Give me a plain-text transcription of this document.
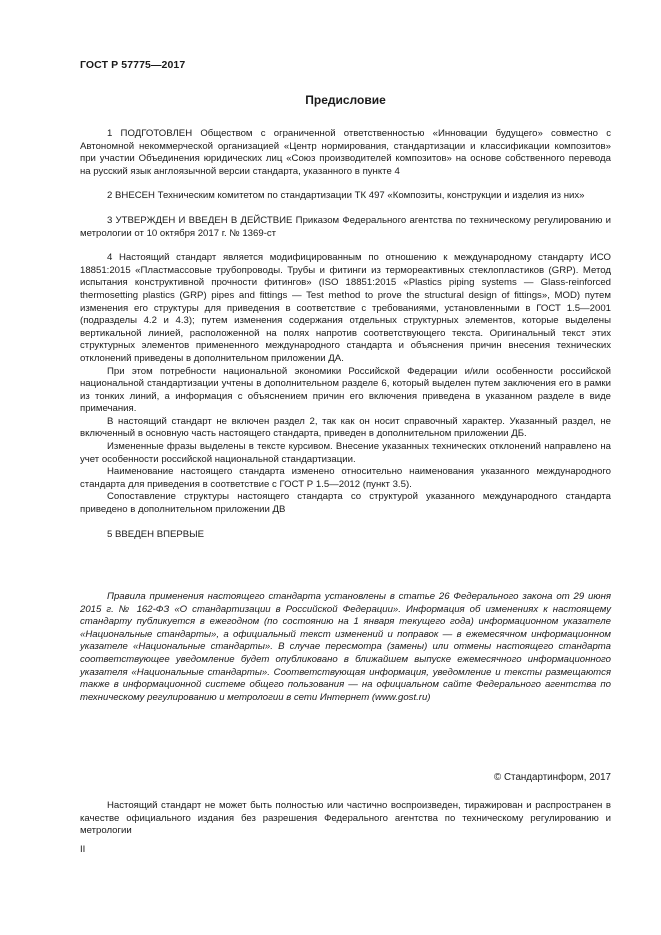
ГОСТ Р 57775—2017
Предисловие

1 ПОДГОТОВЛЕН Обществом с ограниченной ответственностью «Инновации будущего» совместно с Автономной некоммерческой организацией «Центр нормирования, стандартизации и классификации композитов» при участии Объединения юридических лиц «Союз производителей композитов» на основе собственного перевода на русский язык англоязычной версии стандарта, указанного в пункте 4

2 ВНЕСЕН Техническим комитетом по стандартизации ТК 497 «Композиты, конструкции и изделия из них»

3 УТВЕРЖДЕН И ВВЕДЕН В ДЕЙСТВИЕ Приказом Федерального агентства по техническому регулированию и метрологии от 10 октября 2017 г. № 1369-ст

4 Настоящий стандарт является модифицированным по отношению к международному стандарту ИСО 18851:2015 «Пластмассовые трубопроводы. Трубы и фитинги из термореактивных стеклопластиков (GRP). Метод испытания конструктивной прочности фитингов» (ISO 18851:2015 «Plastics piping systems — Glass-reinforced thermosetting plastics (GRP) pipes and fittings — Test method to prove the structural design of fittings», MOD) путем изменения его структуры для приведения в соответствие с требованиями, установленными в ГОСТ 1.5—2001 (подразделы 4.2 и 4.3); путем изменения содержания отдельных структурных элементов, которые выделены вертикальной линией, расположенной на полях напротив соответствующего текста. Оригинальный текст этих структурных элементов примененного международного стандарта и объяснения причин внесения технических отклонений приведены в дополнительном приложении ДА.

При этом потребности национальной экономики Российской Федерации и/или особенности российской национальной стандартизации учтены в дополнительном разделе 6, который выделен путем заключения его в рамки из тонких линий, а информация с объяснением причин его включения приведена в указанном разделе в виде примечания.

В настоящий стандарт не включен раздел 2, так как он носит справочный характер. Указанный раздел, не включенный в основную часть настоящего стандарта, приведен в дополнительном приложении ДБ.

Измененные фразы выделены в тексте курсивом. Внесение указанных технических отклонений направлено на учет особенности российской национальной стандартизации.

Наименование настоящего стандарта изменено относительно наименования указанного международного стандарта для приведения в соответствие с ГОСТ Р 1.5—2012 (пункт 3.5).

Сопоставление структуры настоящего стандарта со структурой указанного международного стандарта приведено в дополнительном приложении ДВ

5 ВВЕДЕН ВПЕРВЫЕ

Правила применения настоящего стандарта установлены в статье 26 Федерального закона от 29 июня 2015 г. № 162-ФЗ «О стандартизации в Российской Федерации». Информация об изменениях к настоящему стандарту публикуется в ежегодном (по состоянию на 1 января текущего года) информационном указателе «Национальные стандарты», а официальный текст изменений и поправок — в ежемесячном информационном указателе «Национальные стандарты». В случае пересмотра (замены) или отмены настоящего стандарта соответствующее уведомление будет опубликовано в ближайшем выпуске ежемесячного информационного указателя «Национальные стандарты». Соответствующая информация, уведомление и тексты размещаются также в информационной системе общего пользования — на официальном сайте Федерального агентства по техническому регулированию и метрологии в сети Интернет (www.gost.ru)

© Стандартинформ, 2017

Настоящий стандарт не может быть полностью или частично воспроизведен, тиражирован и распространен в качестве официального издания без разрешения Федерального агентства по техническому регулированию и метрологии

II
